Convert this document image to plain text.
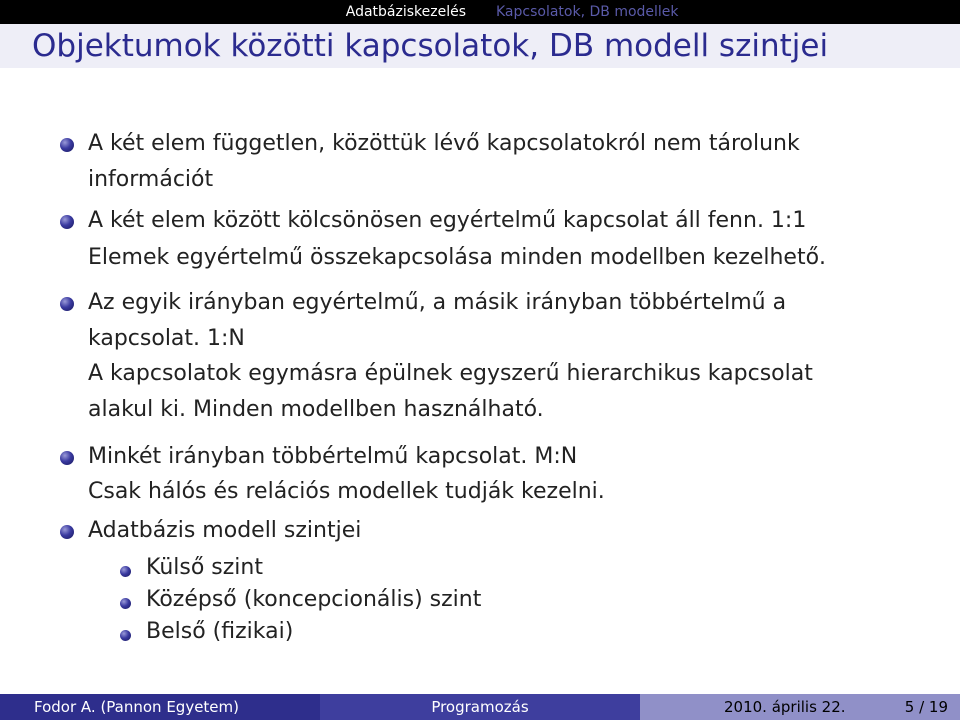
Adatbáziskezelés	Kapcsolatok, DB modellek
Objektumok közötti kapcsolatok, DB modell szintjei
A két elem független, közöttük lévő kapcsolatokról nem tárolunk
információt
A két elem között kölcsönösen egyértelmű kapcsolat áll fenn. 1:1
Elemek egyértelmű összekapcsolása minden modellben kezelhető.
Az egyik irányban egyértelmű, a másik irányban többértelmű a
kapcsolat. 1:N
A kapcsolatok egymásra épülnek egyszerű hierarchikus kapcsolat
alakul ki. Minden modellben használható.
Minkét irányban többértelmű kapcsolat. M:N
Csak hálós és relációs modellek tudják kezelni.
Adatbázis modell szintjei
Külső szint
Középső (koncepcionális) szint
Belső (fizikai)
Fodor A. (Pannon Egyetem)	Programozás	2010. április 22.	5 / 19
